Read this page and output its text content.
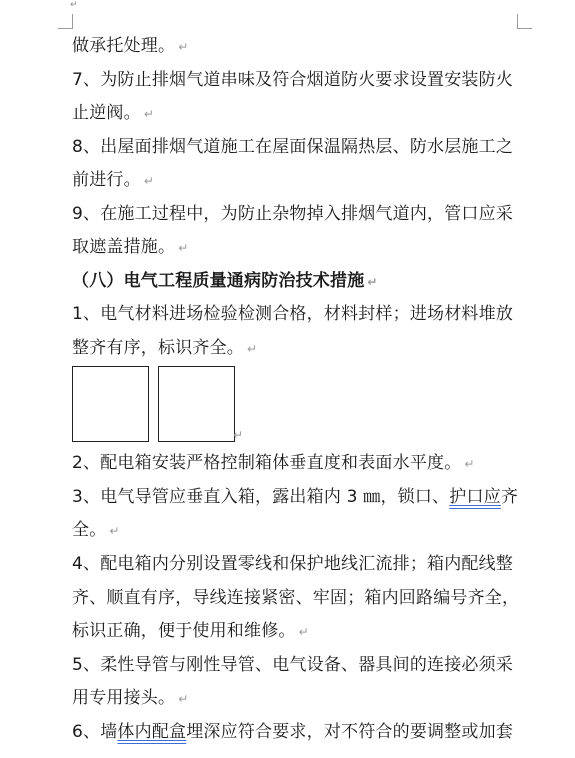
↵
做承托处理。 ↵
7、为防止排烟气道串味及符合烟道防火要求设置安装防火
止逆阀。 ↵
8、出屋面排烟气道施工在屋面保温隔热层、防水层施工之
前进行。 ↵
9、在施工过程中，为防止杂物掉入排烟气道内，管口应采
取遮盖措施。 ↵
（八）电气工程质量通病防治技术措施 ↵
1、电气材料进场检验检测合格，材料封样；进场材料堆放
整齐有序，标识齐全。 ↵
↵
2、配电箱安装严格控制箱体垂直度和表面水平度。 ↵
3、电气导管应垂直入箱，露出箱内 3 ㎜，锁口、护口应齐
全。 ↵
4、配电箱内分别设置零线和保护地线汇流排；箱内配线整
齐、顺直有序，导线连接紧密、牢固；箱内回路编号齐全，
标识正确，便于使用和维修。 ↵
5、柔性导管与刚性导管、电气设备、器具间的连接必须采
用专用接头。 ↵
6、墙体内配盒埋深应符合要求，对不符合的要调整或加套
